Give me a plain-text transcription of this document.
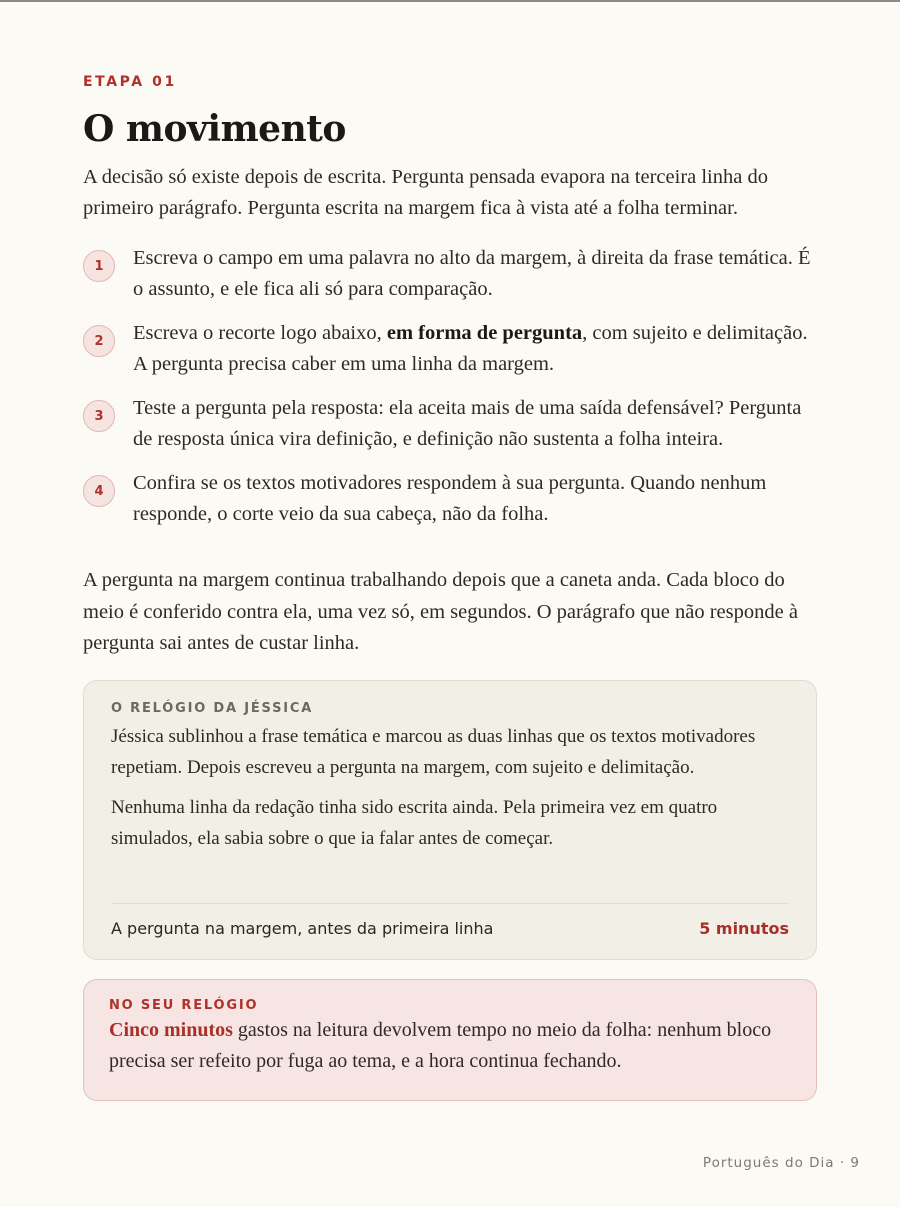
ETAPA 01
O movimento

A decisão só existe depois de escrita. Pergunta pensada evapora na terceira linha do primeiro parágrafo. Pergunta escrita na margem fica à vista até a folha terminar.

1	Escreva o campo em uma palavra no alto da margem, à direita da frase temática. É o assunto, e ele fica ali só para comparação.
2	Escreva o recorte logo abaixo, em forma de pergunta, com sujeito e delimitação. A pergunta precisa caber em uma linha da margem.
3	Teste a pergunta pela resposta: ela aceita mais de uma saída defensável? Pergunta de resposta única vira definição, e definição não sustenta a folha inteira.
4	Confira se os textos motivadores respondem à sua pergunta. Quando nenhum responde, o corte veio da sua cabeça, não da folha.

A pergunta na margem continua trabalhando depois que a caneta anda. Cada bloco do meio é conferido contra ela, uma vez só, em segundos. O parágrafo que não responde à pergunta sai antes de custar linha.

O RELÓGIO DA JÉSSICA

Jéssica sublinhou a frase temática e marcou as duas linhas que os textos motivadores repetiam. Depois escreveu a pergunta na margem, com sujeito e delimitação.

Nenhuma linha da redação tinha sido escrita ainda. Pela primeira vez em quatro simulados, ela sabia sobre o que ia falar antes de começar.

A pergunta na margem, antes da primeira linha	5 minutos
NO SEU RELÓGIO

Cinco minutos gastos na leitura devolvem tempo no meio da folha: nenhum bloco precisa ser refeito por fuga ao tema, e a hora continua fechando.

Português do Dia · 9
